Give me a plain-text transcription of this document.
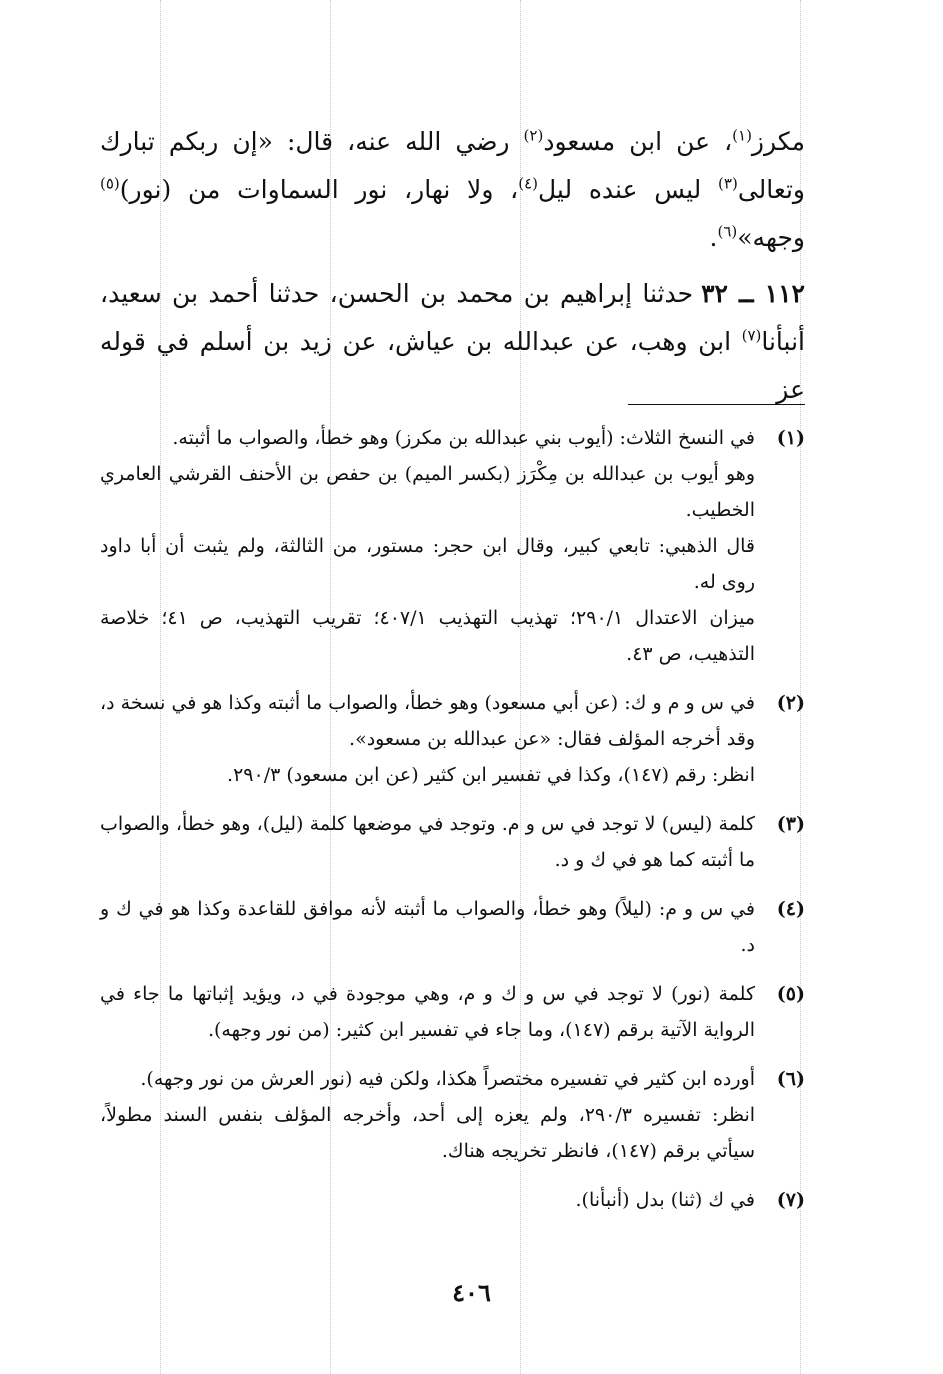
مكرز$^{(١)}$، عن ابن مسعود$^{(٢)}$ رضي الله عنه، قال: «إن ربكم تبارك وتعالى$^{(٣)}$ ليس عنده ليل$^{(٤)}$، ولا نهار، نور السماوات من (نور)$^{(٥)}$ وجهه»$^{(٦)}$.

١١٢ ــ ٣٢حدثنا إبراهيم بن محمد بن الحسن، حدثنا أحمد بن سعيد، أنبأنا$^{(٧)}$ ابن وهب، عن عبدالله بن عياش، عن زيد بن أسلم في قوله عز

(١)
في النسخ الثلاث: (أيوب بني عبدالله بن مكرز) وهو خطأ، والصواب ما أثبته.
وهو أيوب بن عبدالله بن مِكْرَز (بكسر الميم) بن حفص بن الأحنف القرشي العامري الخطيب.
قال الذهبي: تابعي كبير، وقال ابن حجر: مستور، من الثالثة، ولم يثبت أن أبا داود روى له.
ميزان الاعتدال ٢٩٠/١؛ تهذيب التهذيب ٤٠٧/١؛ تقريب التهذيب، ص ٤١؛ خلاصة التذهيب، ص ٤٣.
(٢)
في س و م و ك: (عن أبي مسعود) وهو خطأ، والصواب ما أثبته وكذا هو في نسخة د، وقد أخرجه المؤلف فقال: «عن عبدالله بن مسعود».
انظر: رقم (١٤٧)، وكذا في تفسير ابن كثير (عن ابن مسعود) ٢٩٠/٣.
(٣)
كلمة (ليس) لا توجد في س و م. وتوجد في موضعها كلمة (ليل)، وهو خطأ، والصواب ما أثبته كما هو في ك و د.
(٤)
في س و م: (ليلاً) وهو خطأ، والصواب ما أثبته لأنه موافق للقاعدة وكذا هو في ك و د.
(٥)
كلمة (نور) لا توجد في س و ك و م، وهي موجودة في د، ويؤيد إثباتها ما جاء في الرواية الآتية برقم (١٤٧)، وما جاء في تفسير ابن كثير: (من نور وجهه).
(٦)
أورده ابن كثير في تفسيره مختصراً هكذا، ولكن فيه (نور العرش من نور وجهه).
انظر: تفسيره ٢٩٠/٣، ولم يعزه إلى أحد، وأخرجه المؤلف بنفس السند مطولاً، سيأتي برقم (١٤٧)، فانظر تخريجه هناك.
(٧)
في ك (ثنا) بدل (أنبأنا).
٤٠٦
